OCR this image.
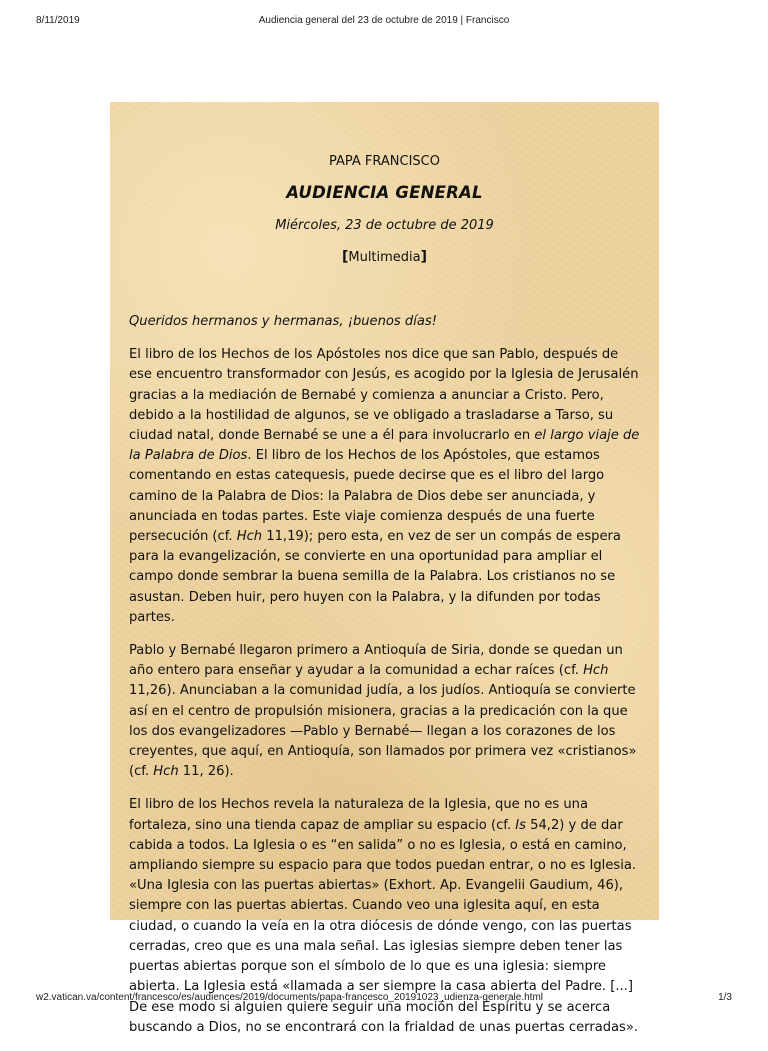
8/11/2019	Audiencia general del 23 de octubre de 2019 | Francisco
PAPA FRANCISCO
AUDIENCIA GENERAL
Miércoles, 23 de octubre de 2019
[Multimedia]

Queridos hermanos y hermanas, ¡buenos días!

El libro de los Hechos de los Apóstoles nos dice que san Pablo, después de ese encuentro transformador con Jesús, es acogido por la Iglesia de Jerusalén gracias a la mediación de Bernabé y comienza a anunciar a Cristo. Pero, debido a la hostilidad de algunos, se ve obligado a trasladarse a Tarso, su ciudad natal, donde Bernabé se une a él para involucrarlo en el largo viaje de la Palabra de Dios. El libro de los Hechos de los Apóstoles, que estamos comentando en estas catequesis, puede decirse que es el libro del largo camino de la Palabra de Dios: la Palabra de Dios debe ser anunciada, y anunciada en todas partes. Este viaje comienza después de una fuerte persecución (cf. Hch 11,19); pero esta, en vez de ser un compás de espera para la evangelización, se convierte en una oportunidad para ampliar el campo donde sembrar la buena semilla de la Palabra. Los cristianos no se asustan. Deben huir, pero huyen con la Palabra, y la difunden por todas partes.

Pablo y Bernabé llegaron primero a Antioquía de Siria, donde se quedan un año entero para enseñar y ayudar a la comunidad a echar raíces (cf. Hch 11,26). Anunciaban a la comunidad judía, a los judíos. Antioquía se convierte así en el centro de propulsión misionera, gracias a la predicación con la que los dos evangelizadores —Pablo y Bernabé— llegan a los corazones de los creyentes, que aquí, en Antioquía, son llamados por primera vez «cristianos» (cf. Hch 11, 26).

El libro de los Hechos revela la naturaleza de la Iglesia, que no es una fortaleza, sino una tienda capaz de ampliar su espacio (cf. Is 54,2) y de dar cabida a todos. La Iglesia o es “en salida” o no es Iglesia, o está en camino, ampliando siempre su espacio para que todos puedan entrar, o no es Iglesia. «Una Iglesia con las puertas abiertas» (Exhort. Ap. Evangelii Gaudium, 46), siempre con las puertas abiertas. Cuando veo una iglesita aquí, en esta ciudad, o cuando la veía en la otra diócesis de dónde vengo, con las puertas cerradas, creo que es una mala señal. Las iglesias siempre deben tener las puertas abiertas porque son el símbolo de lo que es una iglesia: siempre abierta. La Iglesia está «llamada a ser siempre la casa abierta del Padre. [...] De ese modo si alguien quiere seguir una moción del Espíritu y se acerca buscando a Dios, no se encontrará con la frialdad de unas puertas cerradas».

w2.vatican.va/content/francesco/es/audiences/2019/documents/papa-francesco_20191023_udienza-generale.html	1/3
